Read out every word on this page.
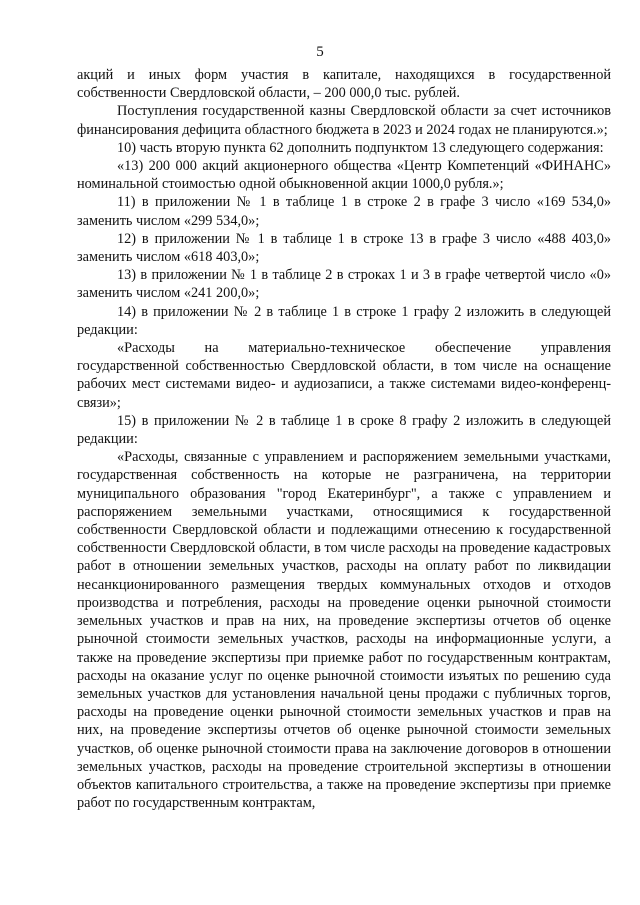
5

акций и иных форм участия в капитале, находящихся в государственной собственности Свердловской области, – 200 000,0 тыс. рублей.

Поступления государственной казны Свердловской области за счет источников финансирования дефицита областного бюджета в 2023 и 2024 годах не планируются.»;

10) часть вторую пункта 62 дополнить подпунктом 13 следующего содержания:

«13) 200 000 акций акционерного общества «Центр Компетенций «ФИНАНС» номинальной стоимостью одной обыкновенной акции 1000,0 рубля.»;

11) в приложении № 1 в таблице 1 в строке 2 в графе 3 число «169 534,0» заменить числом «299 534,0»;

12) в приложении № 1 в таблице 1 в строке 13 в графе 3 число «488 403,0» заменить числом «618 403,0»;

13) в приложении № 1 в таблице 2 в строках 1 и 3 в графе четвертой число «0» заменить числом «241 200,0»;

14) в приложении № 2 в таблице 1 в строке 1 графу 2 изложить в следующей редакции:

«Расходы на материально-техническое обеспечение управления государственной собственностью Свердловской области, в том числе на оснащение рабочих мест системами видео- и аудиозаписи, а также системами видео-конференц-связи»;

15) в приложении № 2 в таблице 1 в сроке 8 графу 2 изложить в следующей редакции:

«Расходы, связанные с управлением и распоряжением земельными участками, государственная собственность на которые не разграничена, на территории муниципального образования "город Екатеринбург", а также с управлением и распоряжением земельными участками, относящимися к государственной собственности Свердловской области и подлежащими отнесению к государственной собственности Свердловской области, в том числе расходы на проведение кадастровых работ в отношении земельных участков, расходы на оплату работ по ликвидации несанкционированного размещения твердых коммунальных отходов и отходов производства и потребления, расходы на проведение оценки рыночной стоимости земельных участков и прав на них, на проведение экспертизы отчетов об оценке рыночной стоимости земельных участков, расходы на информационные услуги, а также на проведение экспертизы при приемке работ по государственным контрактам, расходы на оказание услуг по оценке рыночной стоимости изъятых по решению суда земельных участков для установления начальной цены продажи с публичных торгов, расходы на проведение оценки рыночной стоимости земельных участков и прав на них, на проведение экспертизы отчетов об оценке рыночной стоимости земельных участков, об оценке рыночной стоимости права на заключение договоров в отношении земельных участков, расходы на проведение строительной экспертизы в отношении объектов капитального строительства, а также на проведение экспертизы при приемке работ по государственным контрактам,
